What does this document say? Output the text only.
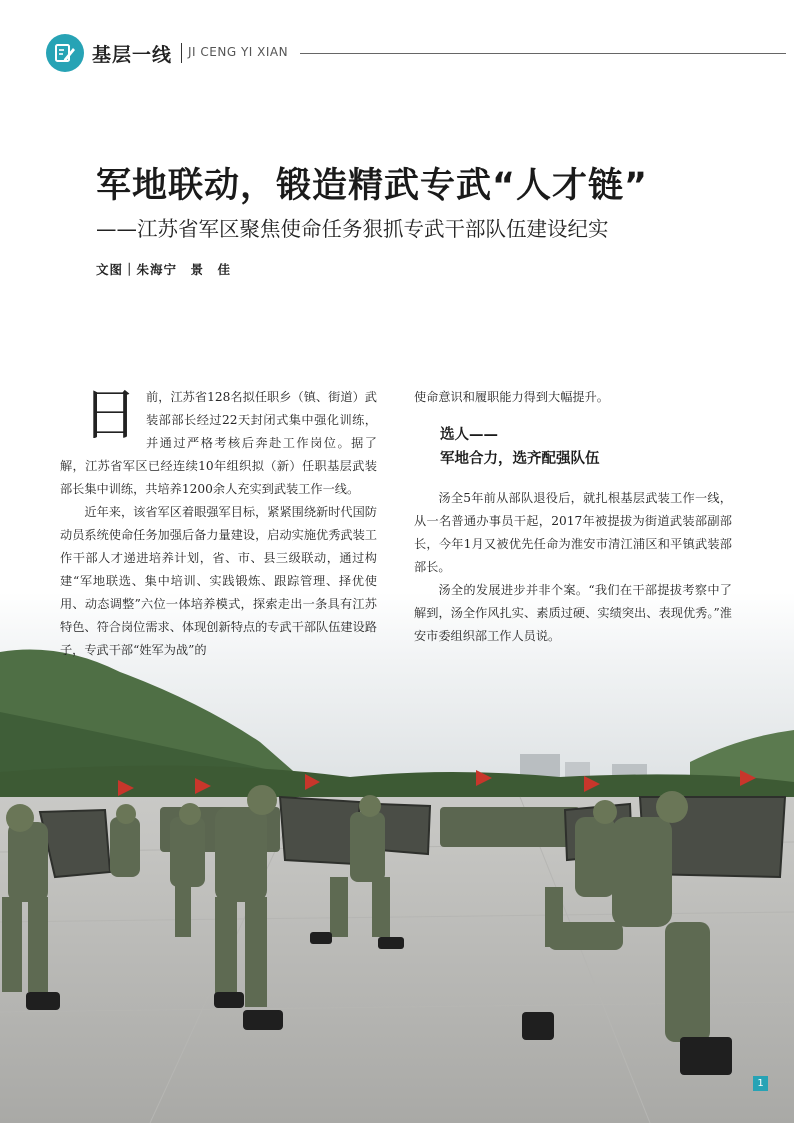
基层一线 JI CENG YI XIAN
军地联动，锻造精武专武“人才链”
——江苏省军区聚焦使命任务狠抓专武干部队伍建设纪实
文图｜朱海宁　景　佳
日 前，江苏省128名拟任职乡（镇、街道）武装部部长经过22天封闭式集中强化训练，并通过严格考核后奔赴工作岗位。据了解，江苏省军区已经连续10年组织拟（新）任职基层武装部长集中训练，共培养1200余人充实到武装工作一线。

近年来，该省军区着眼强军目标，紧紧围绕新时代国防动员系统使命任务加强后备力量建设，启动实施优秀武装工作干部人才递进培养计划，省、市、县三级联动，通过构建“军地联选、集中培训、实践锻炼、跟踪管理、择优使用、动态调整”六位一体培养模式，探索走出一条具有江苏特色、符合岗位需求、体现创新特点的专武干部队伍建设路子，专武干部“姓军为战”的

使命意识和履职能力得到大幅提升。

选人——
军地合力，选齐配强队伍

汤全5年前从部队退役后，就扎根基层武装工作一线，从一名普通办事员干起，2017年被提拔为街道武装部副部长，今年1月又被优先任命为淮安市清江浦区和平镇武装部部长。

汤全的发展进步并非个案。“我们在干部提拔考察中了解到，汤全作风扎实、素质过硬、实绩突出、表现优秀。”淮安市委组织部工作人员说。

1
